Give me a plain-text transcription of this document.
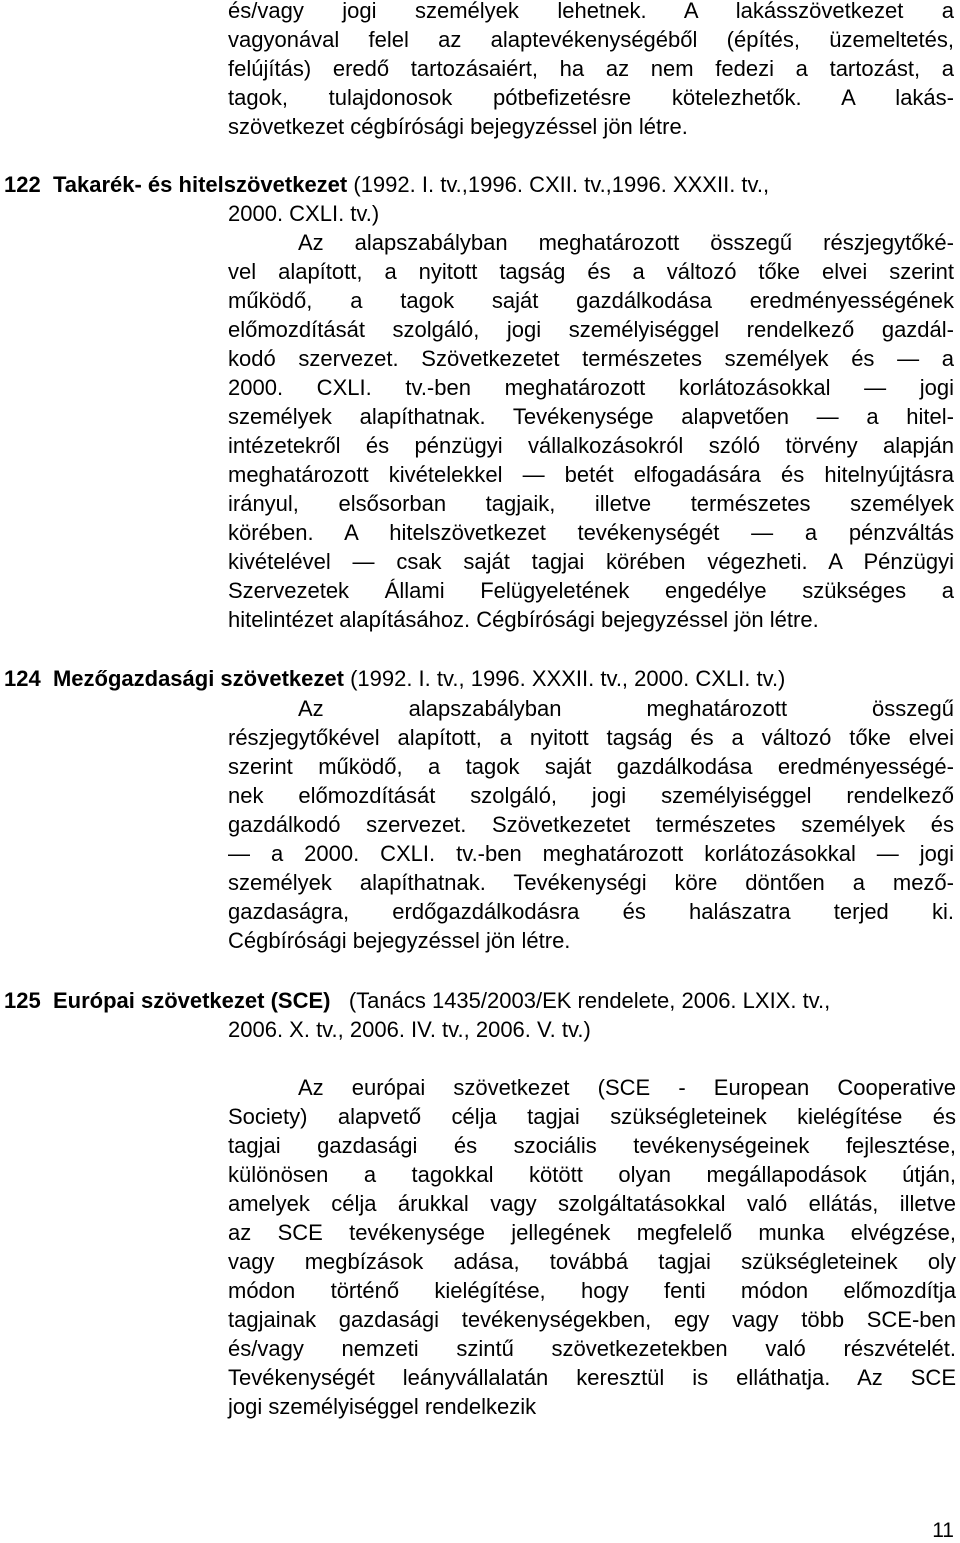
és/vagy jogi személyek lehetnek. A lakásszövetkezet a
vagyonával felel az alaptevékenységéből (építés, üzemeltetés,
felújítás) eredő tartozásaiért, ha az nem fedezi a tartozást, a
tagok, tulajdonosok pótbefizetésre kötelezhetők. A lakás-
szövetkezet cégbírósági bejegyzéssel jön létre.
122 Takarék- és hitelszövetkezet (1992. I. tv.,1996. CXII. tv.,1996. XXXII. tv.,
2000. CXLI. tv.)
Az alapszabályban meghatározott összegű részjegytőké-
vel alapított, a nyitott tagság és a változó tőke elvei szerint
működő, a tagok saját gazdálkodása eredményességének
előmozdítását szolgáló, jogi személyiséggel rendelkező gazdál-
kodó szervezet. Szövetkezetet természetes személyek és — a
2000. CXLI. tv.-ben meghatározott korlátozásokkal — jogi
személyek alapíthatnak. Tevékenysége alapvetően — a hitel-
intézetekről és pénzügyi vállalkozásokról szóló törvény alapján
meghatározott kivételekkel — betét elfogadására és hitelnyújtásra
irányul, elsősorban tagjaik, illetve természetes személyek
körében. A hitelszövetkezet tevékenységét — a pénzváltás
kivételével — csak saját tagjai körében végezheti. A Pénzügyi
Szervezetek Állami Felügyeletének engedélye szükséges a
hitelintézet alapításához. Cégbírósági bejegyzéssel jön létre.
124 Mezőgazdasági szövetkezet (1992. I. tv., 1996. XXXII. tv., 2000. CXLI. tv.)
Az alapszabályban meghatározott összegű
részjegytőkével alapított, a nyitott tagság és a változó tőke elvei
szerint működő, a tagok saját gazdálkodása eredményességé-
nek előmozdítását szolgáló, jogi személyiséggel rendelkező
gazdálkodó szervezet. Szövetkezetet természetes személyek és
— a 2000. CXLI. tv.-ben meghatározott korlátozásokkal — jogi
személyek alapíthatnak. Tevékenységi köre döntően a mező-
gazdaságra, erdőgazdálkodásra és halászatra terjed ki.
Cégbírósági bejegyzéssel jön létre.
125 Európai szövetkezet (SCE) (Tanács 1435/2003/EK rendelete, 2006. LXIX. tv.,
2006. X. tv., 2006. IV. tv., 2006. V. tv.)
Az európai szövetkezet (SCE - European Cooperative
Society) alapvető célja tagjai szükségleteinek kielégítése és
tagjai gazdasági és szociális tevékenységeinek fejlesztése,
különösen a tagokkal kötött olyan megállapodások útján,
amelyek célja árukkal vagy szolgáltatásokkal való ellátás, illetve
az SCE tevékenysége jellegének megfelelő munka elvégzése,
vagy megbízások adása, továbbá tagjai szükségleteinek oly
módon történő kielégítése, hogy fenti módon előmozdítja
tagjainak gazdasági tevékenységekben, egy vagy több SCE-ben
és/vagy nemzeti szintű szövetkezetekben való részvételét.
Tevékenységét leányvállalatán keresztül is elláthatja. Az SCE
jogi személyiséggel rendelkezik
11
